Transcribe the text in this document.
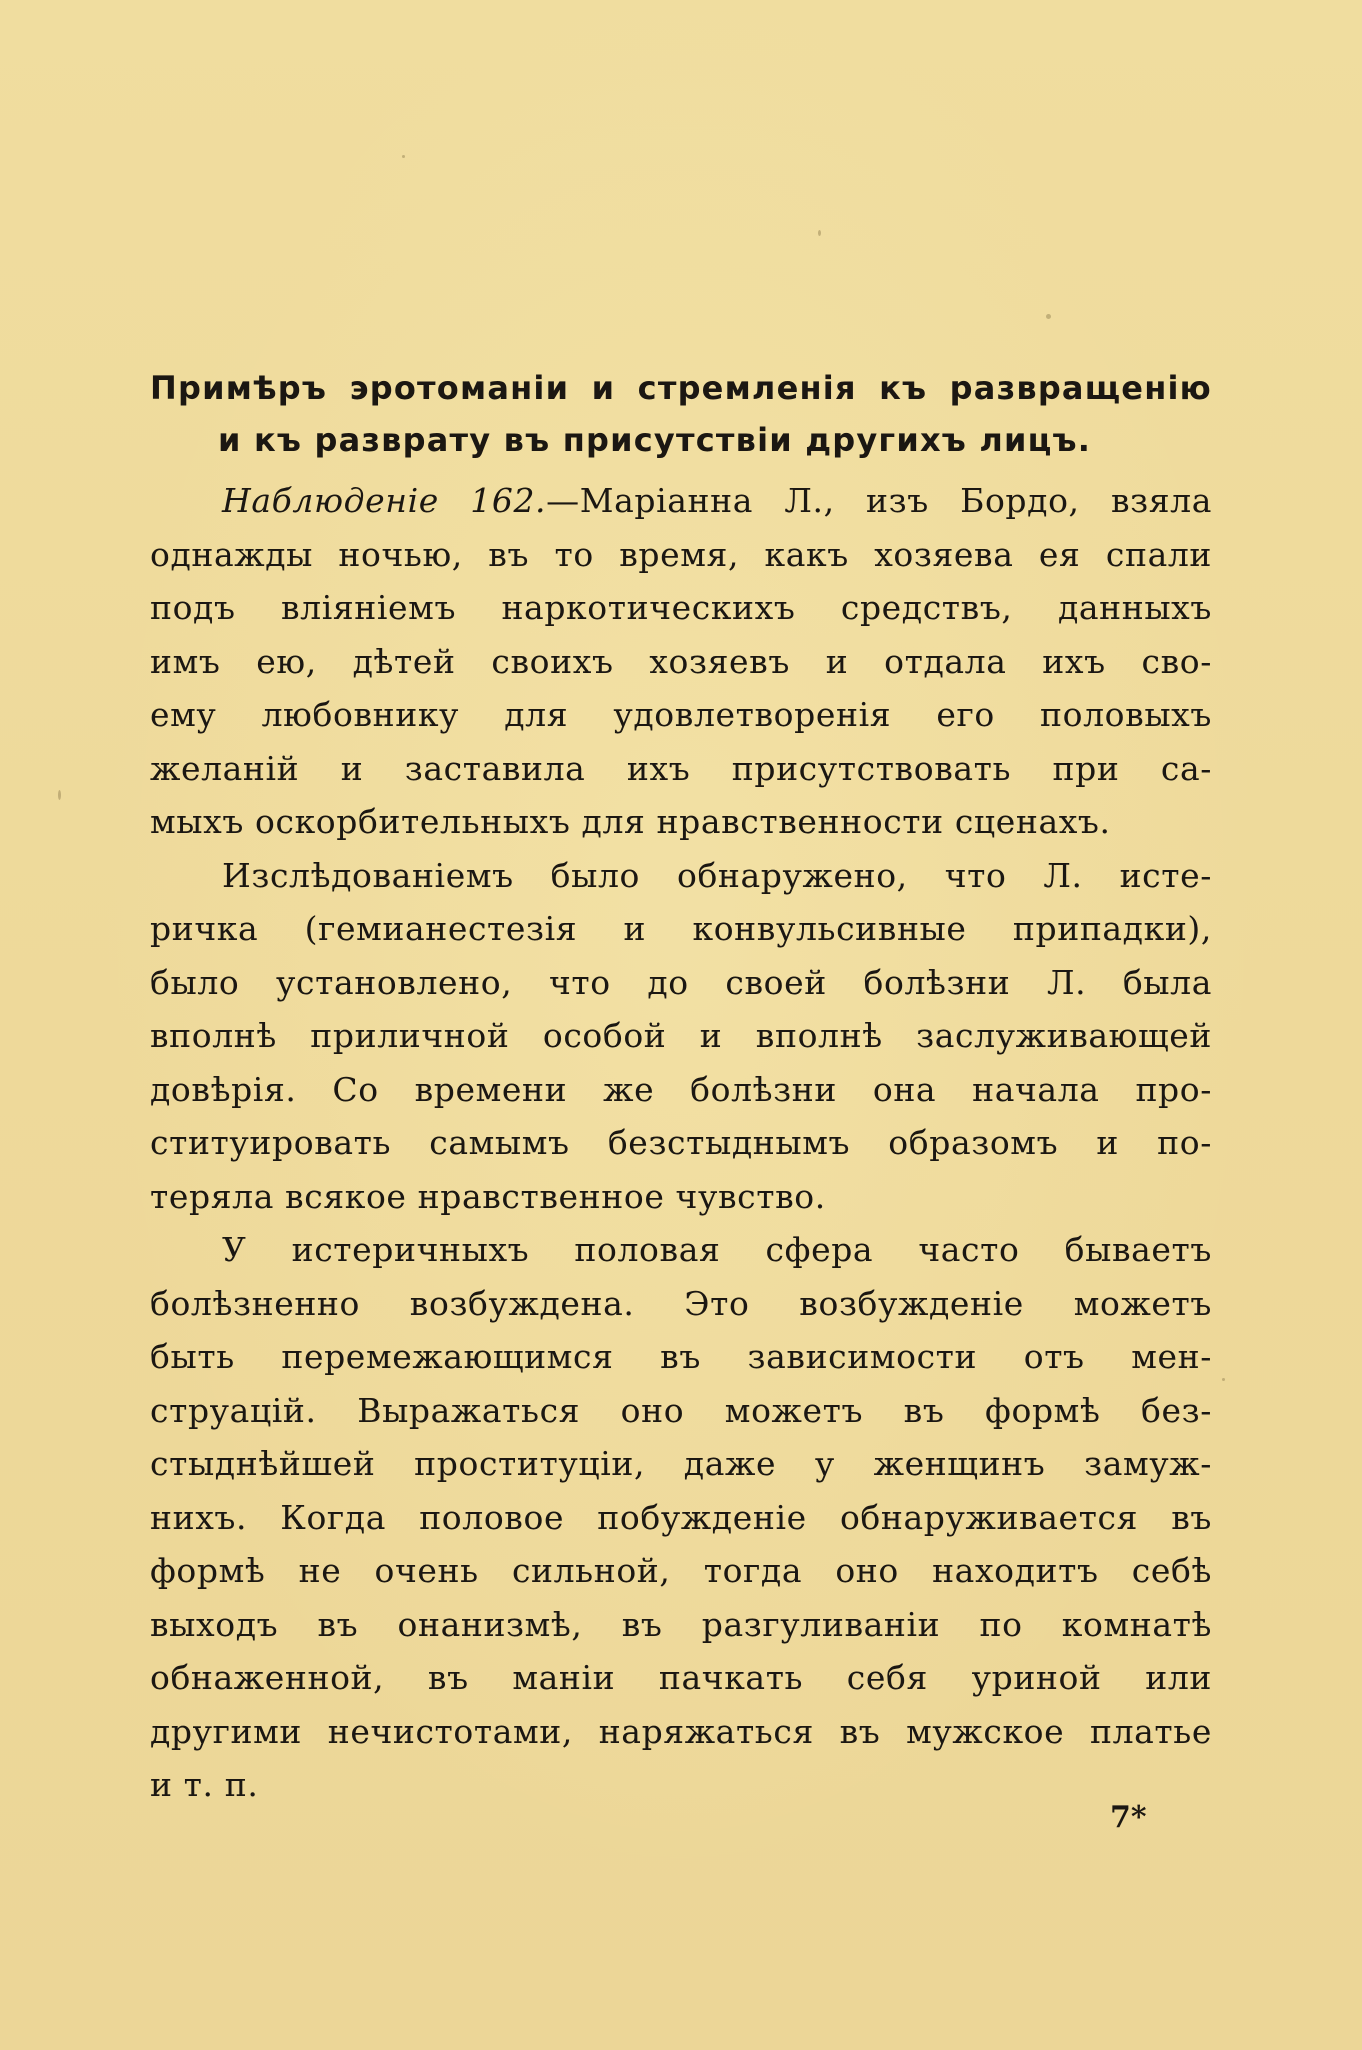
Примѣръ эротоманіи и стремленія къ развращенію
и къ разврату въ присутствіи другихъ лицъ.
Наблюденіе 162.—Маріанна Л., изъ Бордо, взяла
однажды ночью, въ то время, какъ хозяева ея спали
подъ вліяніемъ наркотическихъ средствъ, данныхъ
имъ ею, дѣтей своихъ хозяевъ и отдала ихъ сво-
ему любовнику для удовлетворенія его половыхъ
желаній и заставила ихъ присутствовать при са-
мыхъ оскорбительныхъ для нравственности сценахъ.
Изслѣдованіемъ было обнаружено, что Л. истe-
ричка (гемианестезія и конвульсивные припадки),
было установлено, что до своей болѣзни Л. была
вполнѣ приличной особой и вполнѣ заслуживающей
довѣрія. Со времени же болѣзни она начала про-
ституировать самымъ безстыднымъ образомъ и по-
теряла всякое нравственное чувство.
У истеричныхъ половая сфера часто бываетъ
болѣзненно возбуждена. Это возбужденіе можетъ
быть перемежающимся въ зависимости отъ мен-
струацій. Выражаться оно можетъ въ формѣ без-
стыднѣйшей проституціи, даже у женщинъ замуж-
нихъ. Когда половое побужденіе обнаруживается въ
формѣ не очень сильной, тогда оно находитъ себѣ
выходъ въ онанизмѣ, въ разгуливаніи по комнатѣ
обнаженной, въ маніи пачкать себя уриной или
другими нечистотами, наряжаться въ мужское платье
и т. п.
7*
